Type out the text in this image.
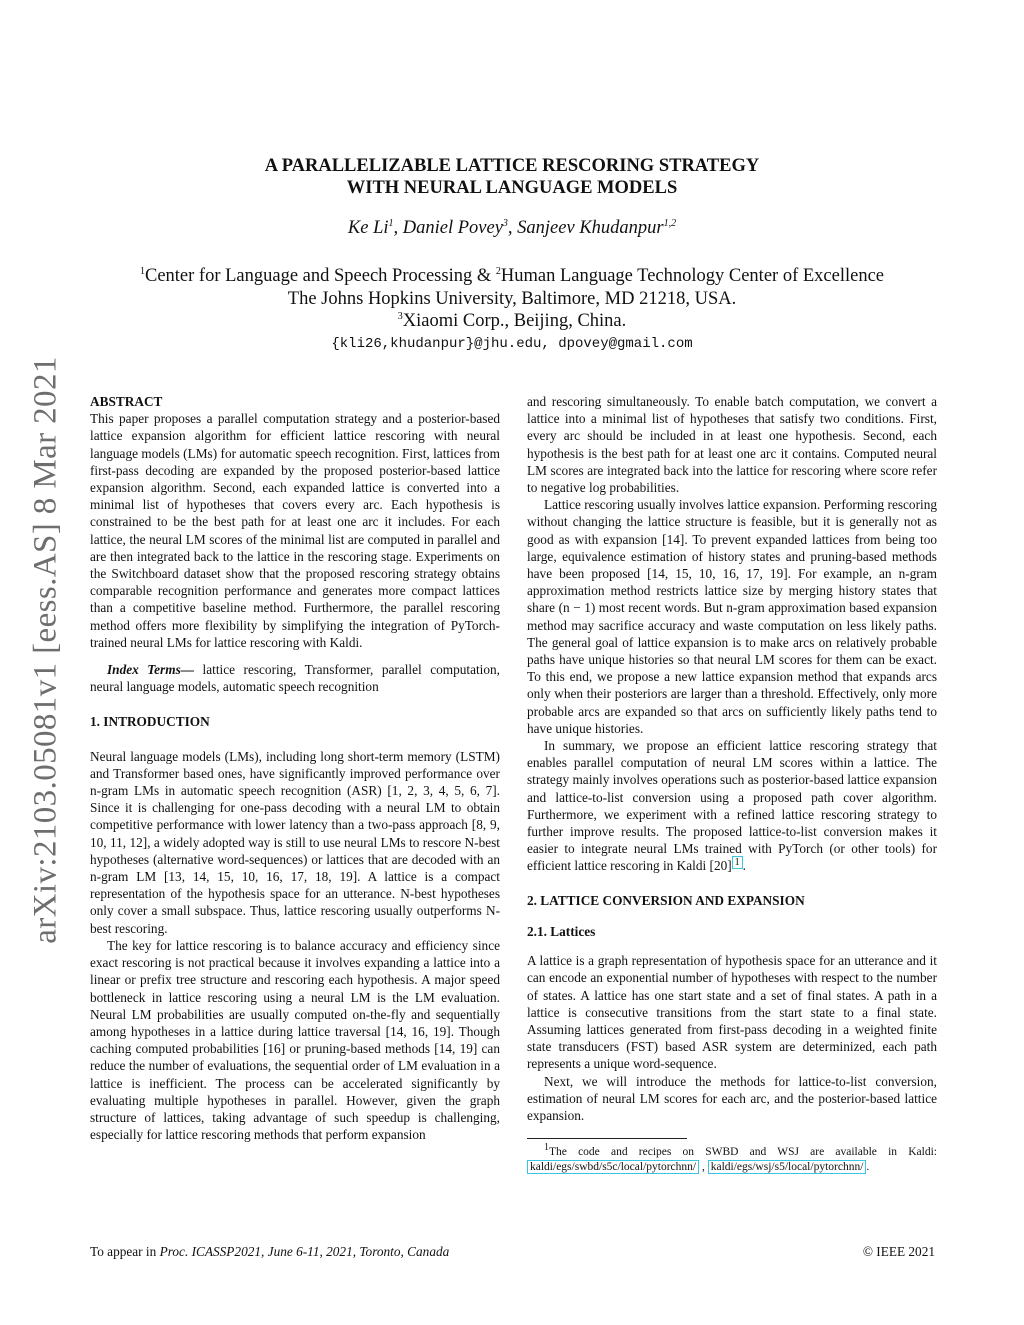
arXiv:2103.05081v1 [eess.AS] 8 Mar 2021
A PARALLELIZABLE LATTICE RESCORING STRATEGY
WITH NEURAL LANGUAGE MODELS
Ke Li$^1$, Daniel Povey$^3$, Sanjeev Khudanpur$^{1,2}$
$^1$Center for Language and Speech Processing & $^2$Human Language Technology Center of Excellence
The Johns Hopkins University, Baltimore, MD 21218, USA.
$^3$Xiaomi Corp., Beijing, China.
{kli26,khudanpur}@jhu.edu, dpovey@gmail.com

ABSTRACT

This paper proposes a parallel computation strategy and a posterior-based lattice expansion algorithm for efficient lattice rescoring with neural language models (LMs) for automatic speech recognition. First, lattices from first-pass decoding are expanded by the proposed posterior-based lattice expansion algorithm. Second, each expanded lattice is converted into a minimal list of hypotheses that covers every arc. Each hypothesis is constrained to be the best path for at least one arc it includes. For each lattice, the neural LM scores of the minimal list are computed in parallel and are then integrated back to the lattice in the rescoring stage. Experiments on the Switchboard dataset show that the proposed rescoring strategy obtains comparable recognition performance and generates more compact lattices than a competitive baseline method. Furthermore, the parallel rescoring method offers more flexibility by simplifying the integration of PyTorch-trained neural LMs for lattice rescoring with Kaldi.

Index Terms— lattice rescoring, Transformer, parallel computation, neural language models, automatic speech recognition

1. INTRODUCTION

Neural language models (LMs), including long short-term memory (LSTM) and Transformer based ones, have significantly improved performance over n-gram LMs in automatic speech recognition (ASR) [1, 2, 3, 4, 5, 6, 7]. Since it is challenging for one-pass decoding with a neural LM to obtain competitive performance with lower latency than a two-pass approach [8, 9, 10, 11, 12], a widely adopted way is still to use neural LMs to rescore N-best hypotheses (alternative word-sequences) or lattices that are decoded with an n-gram LM [13, 14, 15, 10, 16, 17, 18, 19]. A lattice is a compact representation of the hypothesis space for an utterance. N-best hypotheses only cover a small subspace. Thus, lattice rescoring usually outperforms N-best rescoring.

The key for lattice rescoring is to balance accuracy and efficiency since exact rescoring is not practical because it involves expanding a lattice into a linear or prefix tree structure and rescoring each hypothesis. A major speed bottleneck in lattice rescoring using a neural LM is the LM evaluation. Neural LM probabilities are usually computed on-the-fly and sequentially among hypotheses in a lattice during lattice traversal [14, 16, 19]. Though caching computed probabilities [16] or pruning-based methods [14, 19] can reduce the number of evaluations, the sequential order of LM evaluation in a lattice is inefficient. The process can be accelerated significantly by evaluating multiple hypotheses in parallel. However, given the graph structure of lattices, taking advantage of such speedup is challenging, especially for lattice rescoring methods that perform expansion

and rescoring simultaneously. To enable batch computation, we convert a lattice into a minimal list of hypotheses that satisfy two conditions. First, every arc should be included in at least one hypothesis. Second, each hypothesis is the best path for at least one arc it contains. Computed neural LM scores are integrated back into the lattice for rescoring where score refer to negative log probabilities.

Lattice rescoring usually involves lattice expansion. Performing rescoring without changing the lattice structure is feasible, but it is generally not as good as with expansion [14]. To prevent expanded lattices from being too large, equivalence estimation of history states and pruning-based methods have been proposed [14, 15, 10, 16, 17, 19]. For example, an n-gram approximation method restricts lattice size by merging history states that share (n − 1) most recent words. But n-gram approximation based expansion method may sacrifice accuracy and waste computation on less likely paths. The general goal of lattice expansion is to make arcs on relatively probable paths have unique histories so that neural LM scores for them can be exact. To this end, we propose a new lattice expansion method that expands arcs only when their posteriors are larger than a threshold. Effectively, only more probable arcs are expanded so that arcs on sufficiently likely paths tend to have unique histories.

In summary, we propose an efficient lattice rescoring strategy that enables parallel computation of neural LM scores within a lattice. The strategy mainly involves operations such as posterior-based lattice expansion and lattice-to-list conversion using a proposed path cover algorithm. Furthermore, we experiment with a refined lattice rescoring strategy to further improve results. The proposed lattice-to-list conversion makes it easier to integrate neural LMs trained with PyTorch (or other tools) for efficient lattice rescoring in Kaldi [20] $^1$ .

2. LATTICE CONVERSION AND EXPANSION

2.1. Lattices

A lattice is a graph representation of hypothesis space for an utterance and it can encode an exponential number of hypotheses with respect to the number of states. A lattice has one start state and a set of final states. A path in a lattice is consecutive transitions from the start state to a final state. Assuming lattices generated from first-pass decoding in a weighted finite state transducers (FST) based ASR system are determinized, each path represents a unique word-sequence.

Next, we will introduce the methods for lattice-to-list conversion, estimation of neural LM scores for each arc, and the posterior-based lattice expansion.

$^1$The code and recipes on SWBD and WSJ are available in Kaldi: kaldi/egs/swbd/s5c/local/pytorchnn/ , kaldi/egs/wsj/s5/local/pytorchnn/ .

To appear in Proc. ICASSP2021, June 6-11, 2021, Toronto, Canada	© IEEE 2021
